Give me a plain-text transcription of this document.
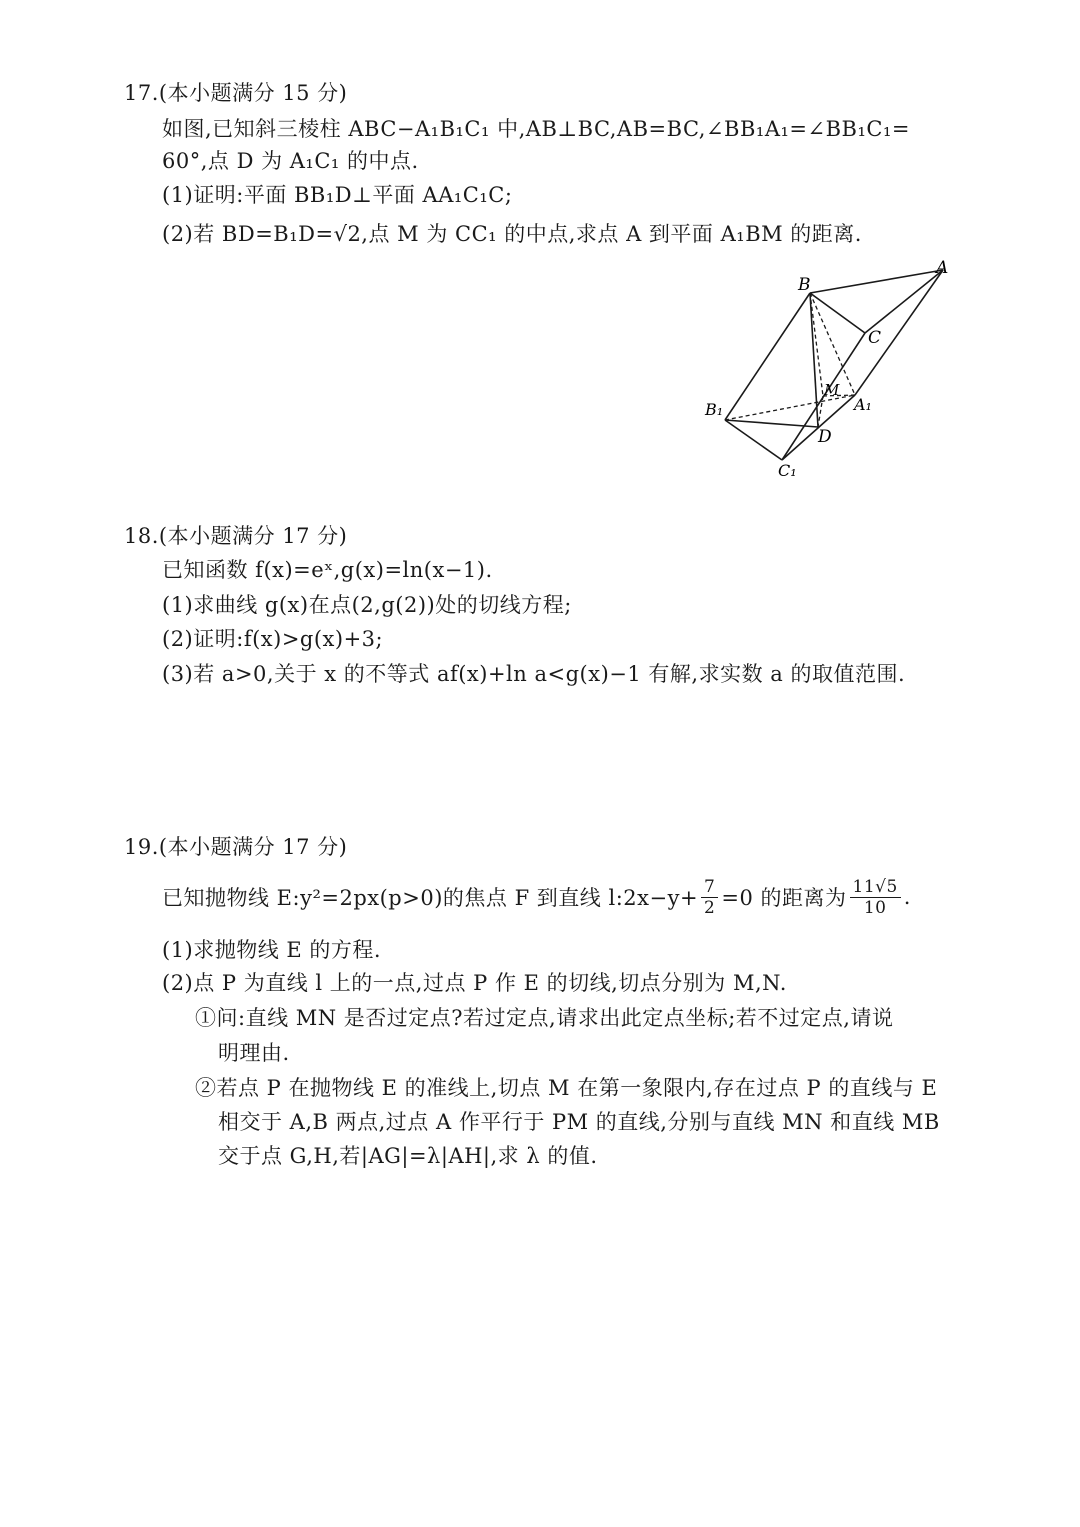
17.(本小题满分 15 分)
如图,已知斜三棱柱 ABC−A₁B₁C₁ 中,AB⊥BC,AB=BC,∠BB₁A₁=∠BB₁C₁=
60°,点 D 为 A₁C₁ 的中点.
(1)证明:平面 BB₁D⊥平面 AA₁C₁C;
(2)若 BD=B₁D=√2,点 M 为 CC₁ 的中点,求点 A 到平面 A₁BM 的距离.
B
A
C
M
A₁
B₁
D
C₁
18.(本小题满分 17 分)
已知函数 f(x)=eˣ,g(x)=ln(x−1).
(1)求曲线 g(x)在点(2,g(2))处的切线方程;
(2)证明:f(x)>g(x)+3;
(3)若 a>0,关于 x 的不等式 af(x)+ln a<g(x)−1 有解,求实数 a 的取值范围.
19.(本小题满分 17 分)
已知抛物线 E:y²=2px(p>0)的焦点 F 到直线 l:2x−y+ $\frac{7}{2} =0$ 的距离为 $\frac{11√5}{10}$ .
(1)求抛物线 E 的方程.
(2)点 P 为直线 l 上的一点,过点 P 作 E 的切线,切点分别为 M,N.
①问:直线 MN 是否过定点?若过定点,请求出此定点坐标;若不过定点,请说
明理由.
②若点 P 在抛物线 E 的准线上,切点 M 在第一象限内,存在过点 P 的直线与 E
相交于 A,B 两点,过点 A 作平行于 PM 的直线,分别与直线 MN 和直线 MB
交于点 G,H,若|AG|=λ|AH|,求 λ 的值.
